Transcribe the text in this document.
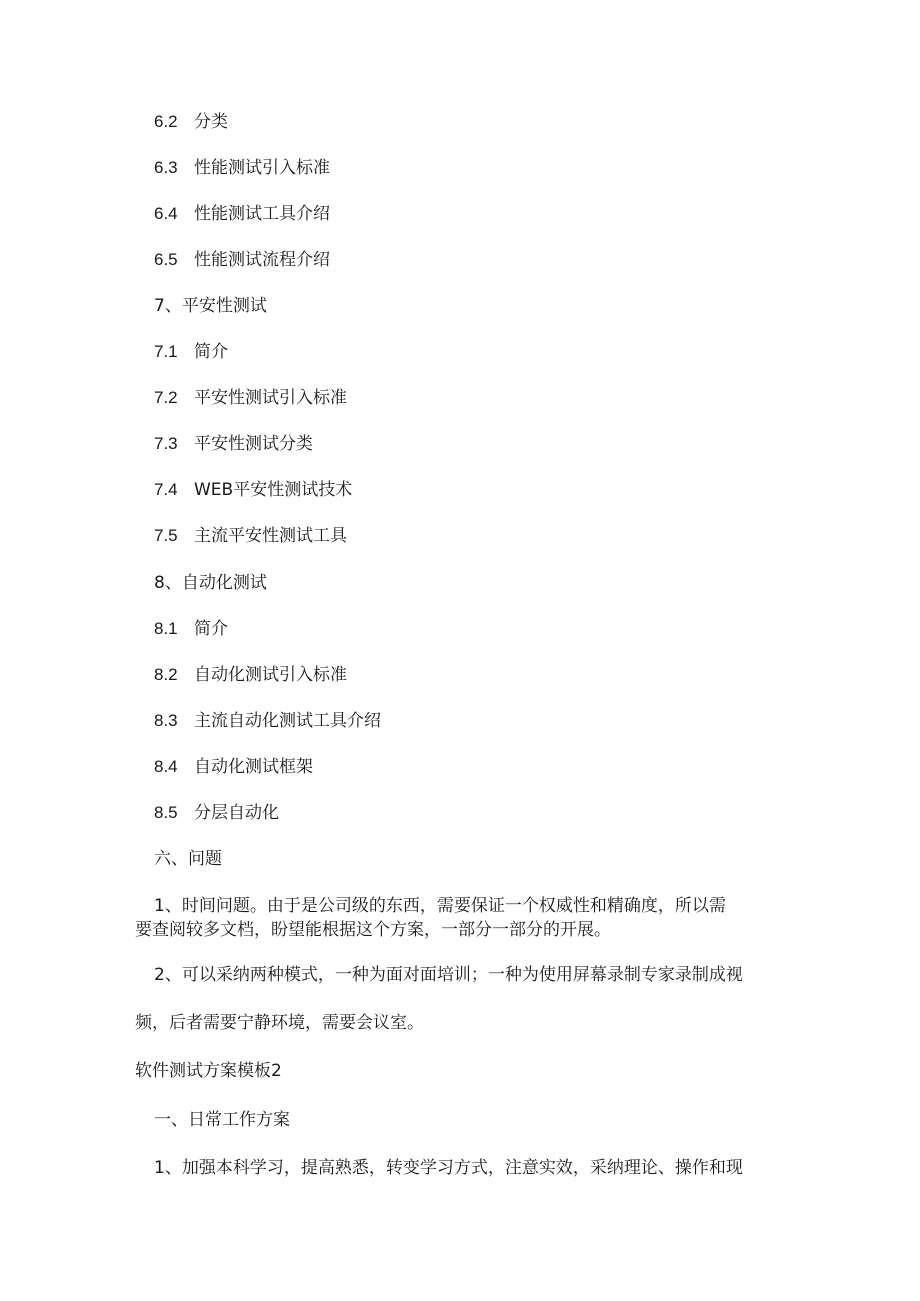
6.2 分类
6.3 性能测试引入标准
6.4 性能测试工具介绍
6.5 性能测试流程介绍
7、平安性测试
7.1 简介
7.2 平安性测试引入标准
7.3 平安性测试分类
7.4 WEB平安性测试技术
7.5 主流平安性测试工具
8、自动化测试
8.1 简介
8.2 自动化测试引入标准
8.3 主流自动化测试工具介绍
8.4 自动化测试框架
8.5 分层自动化
六、问题
1、时间问题。由于是公司级的东西，需要保证一个权威性和精确度，所以需
要查阅较多文档，盼望能根据这个方案，一部分一部分的开展。
2、可以采纳两种模式，一种为面对面培训；一种为使用屏幕录制专家录制成视
频，后者需要宁静环境，需要会议室。
软件测试方案模板2
一、日常工作方案
1、加强本科学习，提高熟悉，转变学习方式，注意实效，采纳理论、操作和现
